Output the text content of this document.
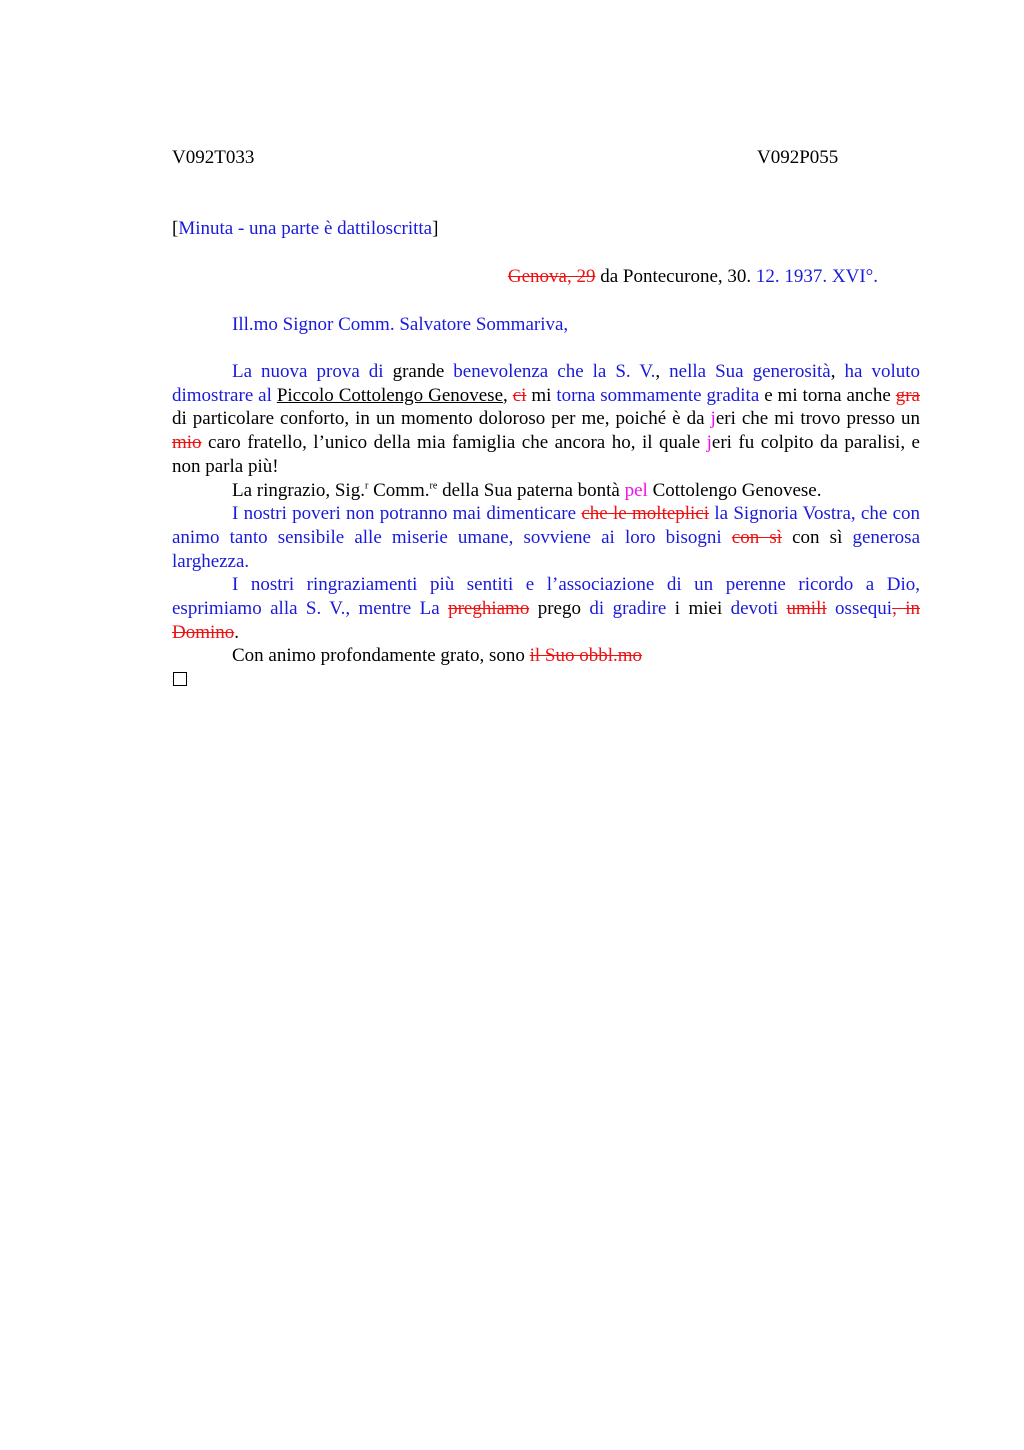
V092T033	V092P055
[Minuta - una parte è dattiloscritta]
Genova, 29 da Pontecurone, 30. 12. 1937. XVI°.
Ill.mo Signor Comm. Salvatore Sommariva,

La nuova prova di grande benevolenza che la S. V., nella Sua generosità, ha voluto dimostrare al Piccolo Cottolengo Genovese, ci mi torna sommamente gradita e mi torna anche gra di particolare conforto, in un momento doloroso per me, poiché è da jeri che mi trovo presso un mio caro fratello, l’unico della mia famiglia che ancora ho, il quale jeri fu colpito da paralisi, e non parla più!

La ringrazio, Sig.$^r$ Comm.$^{re}$ della Sua paterna bontà pel Cottolengo Genovese.

I nostri poveri non potranno mai dimenticare che le molteplici la Signoria Vostra, che con animo tanto sensibile alle miserie umane, sovviene ai loro bisogni con sì con sì generosa larghezza.

I nostri ringraziamenti più sentiti e l’associazione di un perenne ricordo a Dio, esprimiamo alla S. V., mentre La preghiamo prego di gradire i miei devoti umili ossequi, in Domino.

Con animo profondamente grato, sono il Suo obbl.mo
